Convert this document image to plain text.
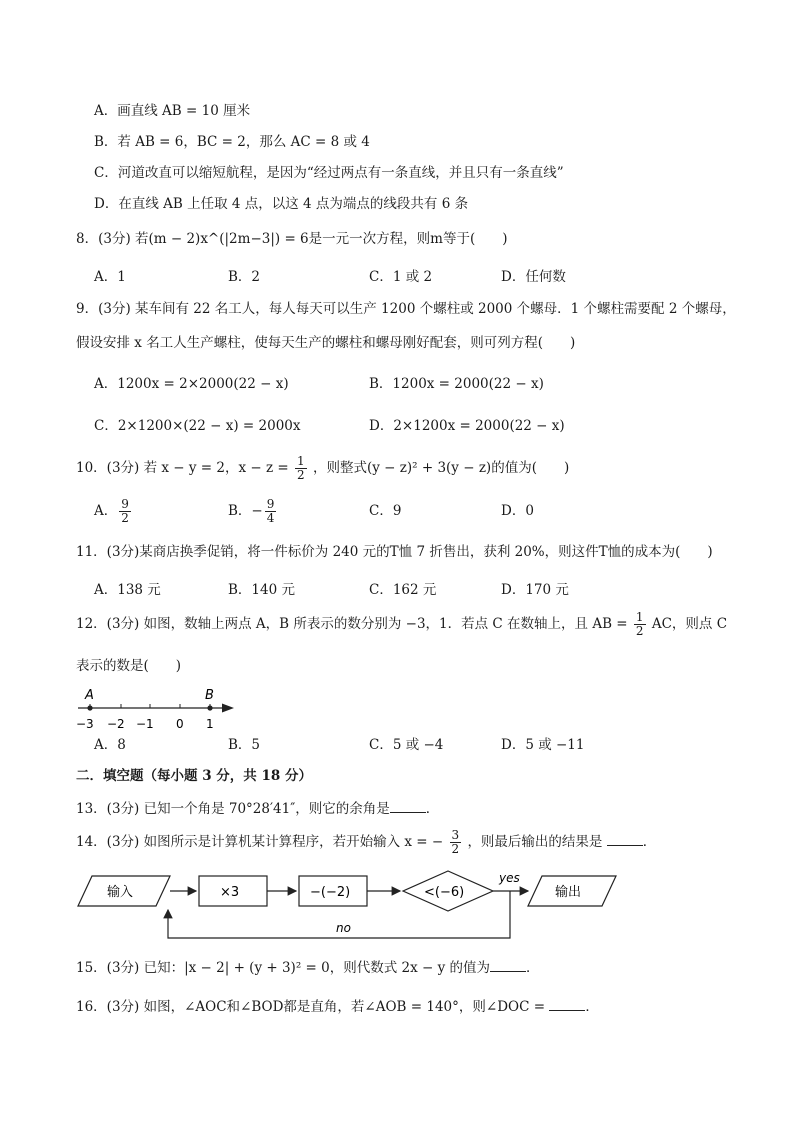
A．画直线 AB = 10 厘米
B．若 AB = 6，BC = 2，那么 AC = 8 或 4
C．河道改直可以缩短航程，是因为“经过两点有一条直线，并且只有一条直线”
D．在直线 AB 上任取 4 点，以这 4 点为端点的线段共有 6 条
8．(3分) 若(m − 2)x^(|2m−3|) = 6是一元一次方程，则m等于(　　)
A．1	B．2	C．1 或 2	D．任何数
9．(3分) 某车间有 22 名工人，每人每天可以生产 1200 个螺柱或 2000 个螺母．1 个螺柱需要配 2 个螺母，
假设安排 x 名工人生产螺柱，使每天生产的螺柱和螺母刚好配套，则可列方程(　　)
A．1200x = 2×2000(22 − x)	B．1200x = 2000(22 − x)
C．2×1200×(22 − x) = 2000x	D．2×1200x = 2000(22 − x)
10．(3分) 若 x − y = 2，$x - z = \frac{1}{2}$ ，则整式(y − z)² + 3(y − z)的值为(　　)
A． $\frac{9}{2}$	B．− $\frac{9}{4}$	C．9	D．0
11．(3分)某商店换季促销，将一件标价为 240 元的T恤 7 折售出，获利 20%，则这件T恤的成本为(　　)
A．138 元	B．140 元	C．162 元	D．170 元
12．(3分) 如图，数轴上两点 A，B 所表示的数分别为 −3，1．若点 C 在数轴上，且 AB = $\frac{1}{2}$ AC，则点 C
表示的数是(　　)
A	B
−3 −2 −1 0 1
A．8	B．5	C．5 或 −4	D．5 或 −11
二．填空题（每小题 3 分，共 18 分）
13．(3分) 已知一个角是 70°28′41″，则它的余角是	．
14．(3分) 如图所示是计算机某计算程序，若开始输入 x = − $\frac{3}{2}$ ，则最后输出的结果是	．
输入	×3	−(−2)	<(−6)
yes
输出
no
15．(3分) 已知：|x − 2| + (y + 3)² = 0，则代数式 2x − y 的值为	．
16．(3分) 如图，∠AOC和∠BOD都是直角，若∠AOB = 140°，则∠DOC =	．
